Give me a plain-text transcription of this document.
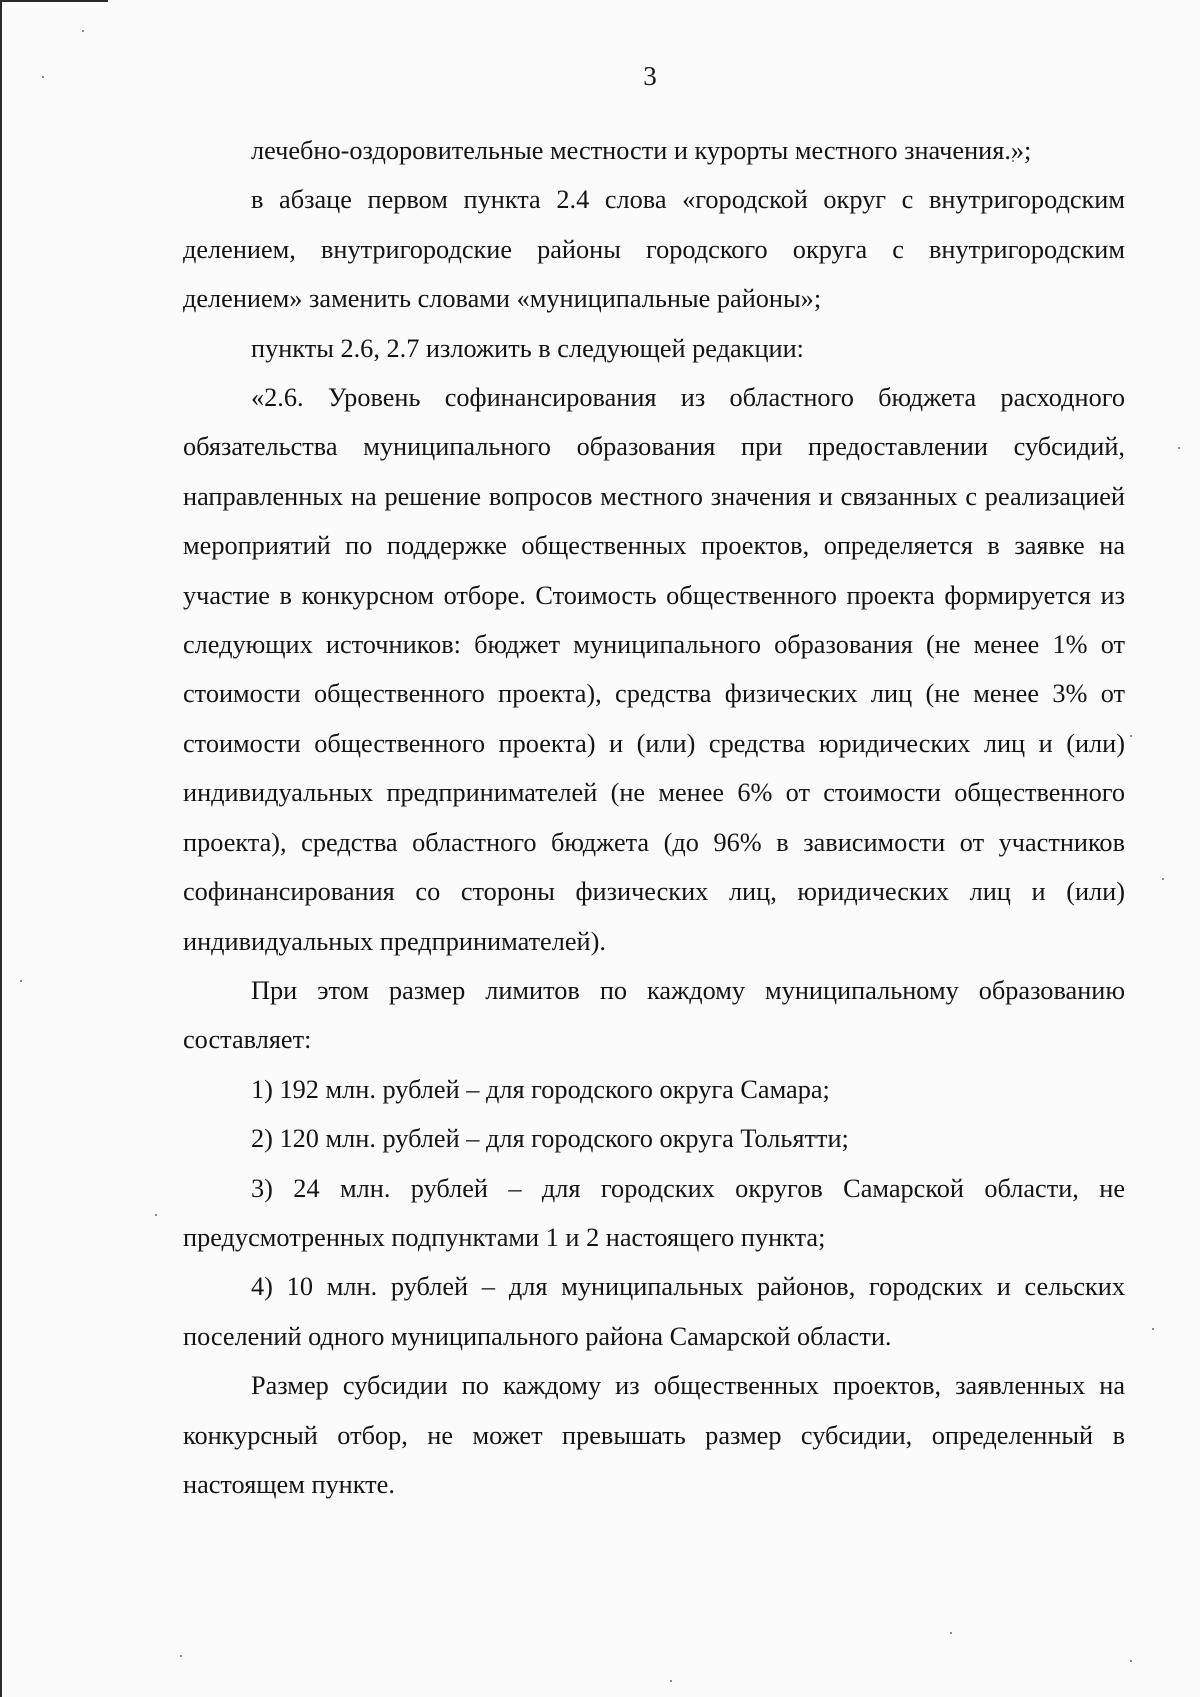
3

лечебно-оздоровительные местности и курорты местного значения.»;

в абзаце первом пункта 2.4 слова «городской округ с внутригородским делением, внутригородские районы городского округа с внутригородским делением» заменить словами «муниципальные районы»;

пункты 2.6, 2.7 изложить в следующей редакции:

«2.6. Уровень софинансирования из областного бюджета расходного обязательства муниципального образования при предоставлении субсидий, направленных на решение вопросов местного значения и связанных с реализацией мероприятий по поддержке общественных проектов, определяется в заявке на участие в конкурсном отборе. Стоимость общественного проекта формируется из следующих источников: бюджет муниципального образования (не менее 1% от стоимости общественного проекта), средства физических лиц (не менее 3% от стоимости общественного проекта) и (или) средства юридических лиц и (или) индивидуальных предпринимателей (не менее 6% от стоимости общественного проекта), средства областного бюджета (до 96% в зависимости от участников софинансирования со стороны физических лиц, юридических лиц и (или) индивидуальных предпринимателей).

При этом размер лимитов по каждому муниципальному образованию составляет:

1) 192 млн. рублей – для городского округа Самара;

2) 120 млн. рублей – для городского округа Тольятти;

3) 24 млн. рублей – для городских округов Самарской области, не предусмотренных подпунктами 1 и 2 настоящего пункта;

4) 10 млн. рублей – для муниципальных районов, городских и сельских поселений одного муниципального района Самарской области.

Размер субсидии по каждому из общественных проектов, заявленных на конкурсный отбор, не может превышать размер субсидии, определенный в настоящем пункте.
